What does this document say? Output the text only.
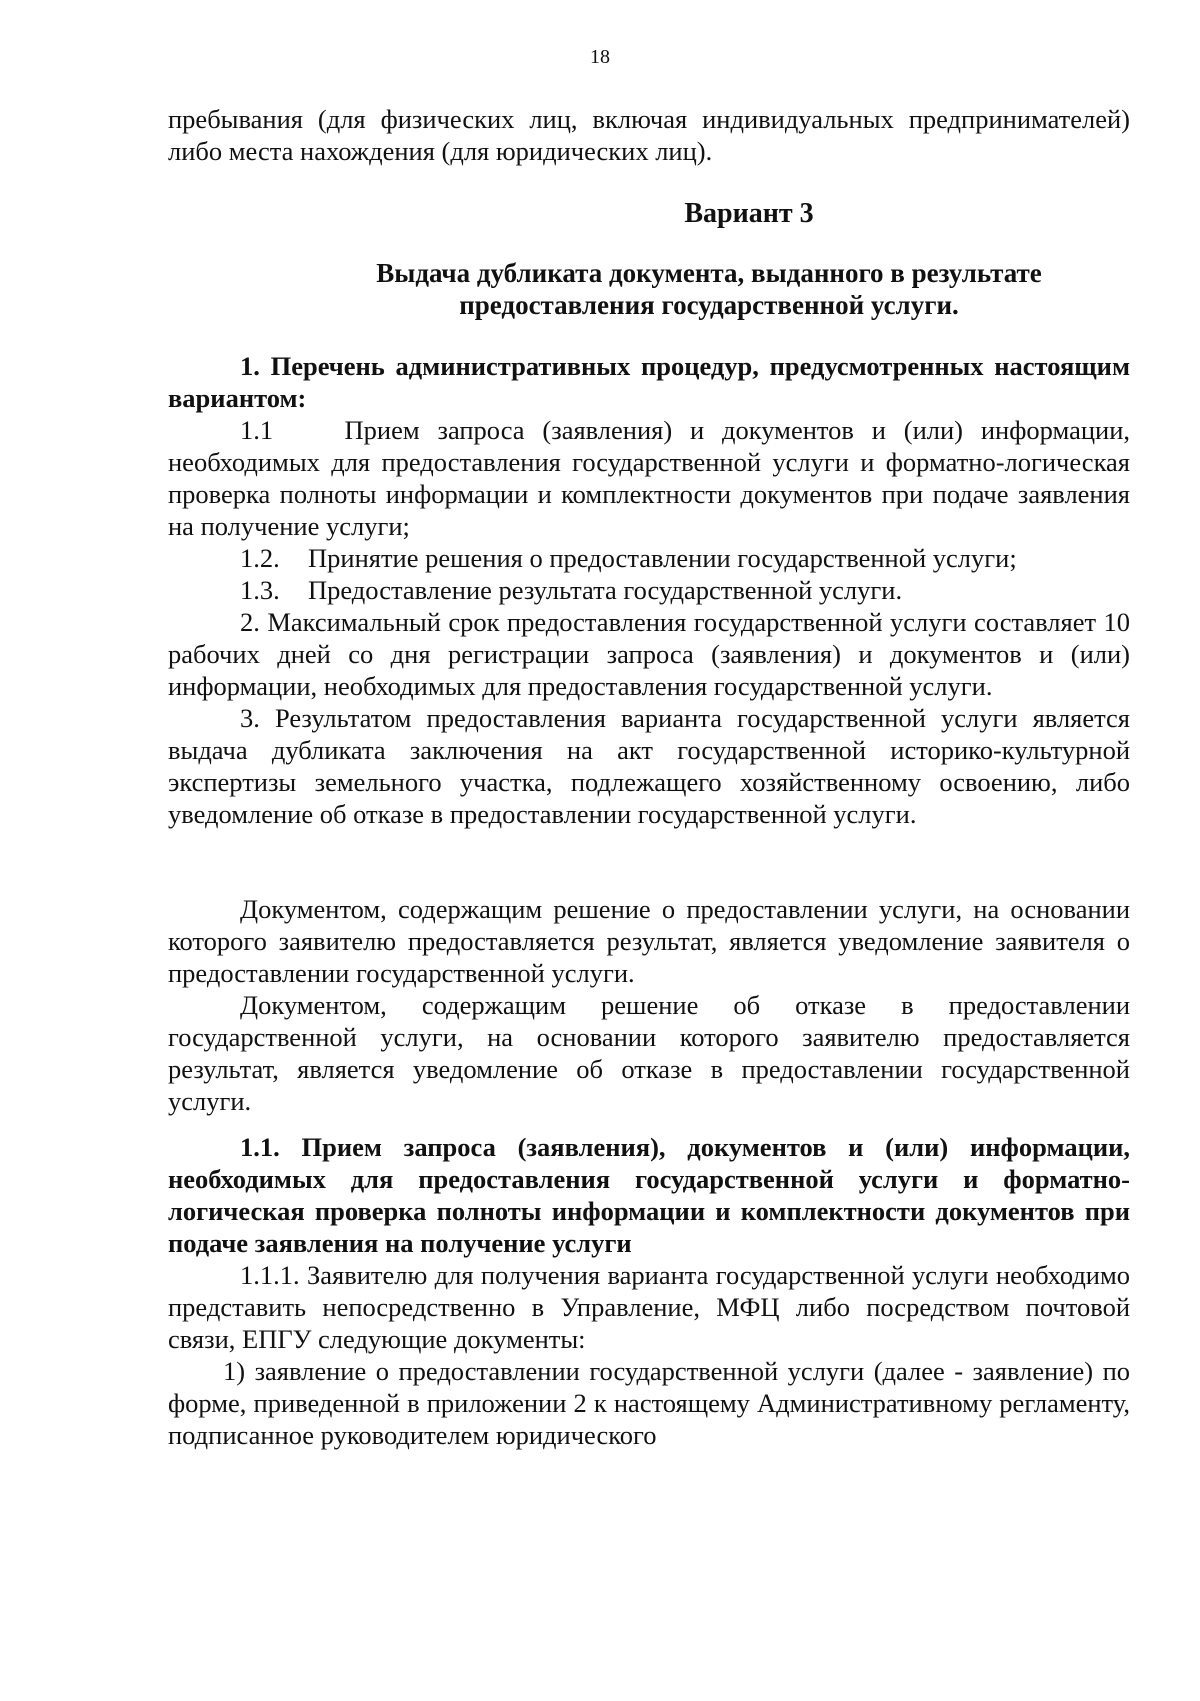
18

пребывания (для физических лиц, включая индивидуальных предпринимателей) либо места нахождения (для юридических лиц).

Вариант 3

Выдача дубликата документа, выданного в результате

предоставления государственной услуги.

1. Перечень административных процедур, предусмотренных настоящим вариантом:

1.1	Прием запроса (заявления) и документов и (или) информации, необходимых для предоставления государственной услуги и форматно-логическая проверка полноты информации и комплектности документов при подаче заявления на получение услуги;

1.2. Принятие решения о предоставлении государственной услуги;

1.3. Предоставление результата государственной услуги.

2. Максимальный срок предоставления государственной услуги составляет 10 рабочих дней со дня регистрации запроса (заявления) и документов и (или) информации, необходимых для предоставления государственной услуги.

3. Результатом предоставления варианта государственной услуги является выдача дубликата заключения на акт государственной историко-культурной экспертизы земельного участка, подлежащего хозяйственному освоению, либо уведомление об отказе в предоставлении государственной услуги.

Документом, содержащим решение о предоставлении услуги, на основании которого заявителю предоставляется результат, является уведомление заявителя о предоставлении государственной услуги.

Документом, содержащим решение об отказе в предоставлении государственной услуги, на основании которого заявителю предоставляется результат, является уведомление об отказе в предоставлении государственной услуги.

1.1. Прием запроса (заявления), документов и (или) информации, необходимых для предоставления государственной услуги и форматно-логическая проверка полноты информации и комплектности документов при подаче заявления на получение услуги

1.1.1. Заявителю для получения варианта государственной услуги необходимо представить непосредственно в Управление, МФЦ либо посредством почтовой связи, ЕПГУ следующие документы:

1) заявление о предоставлении государственной услуги (далее - заявление) по форме, приведенной в приложении 2 к настоящему Административному регламенту, подписанное руководителем юридического
